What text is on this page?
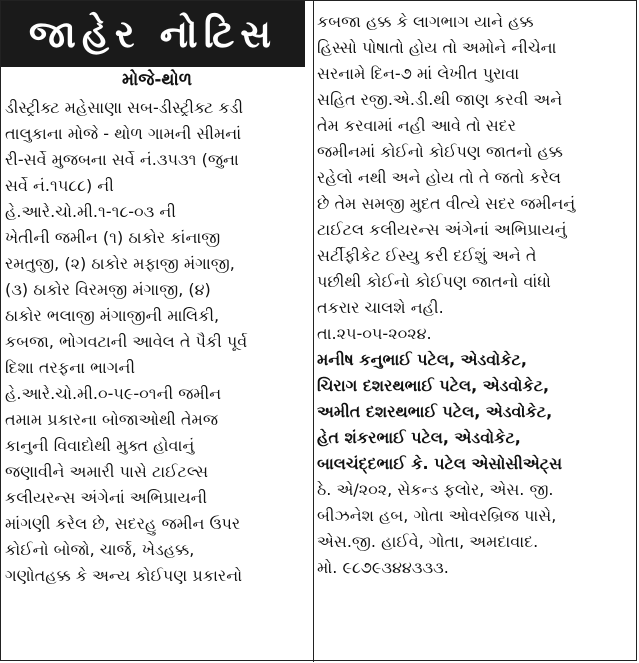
જાહેર નોટિસ
મોજે-થોળ
ડીસ્ટ્રીક્ટ મહેસાણા સબ-ડીસ્ટ્રીક્ટ કડી
તાલુકાના મોજે - થોળ ગામની સીમનાં
રી-સર્વે મુજબના સર્વે નં.૩૫૩૧ (જુના
સર્વે નં.૧૫૮૮) ની
હે.આરે.ચો.મી.૧-૧૮-૦૩ ની
ખેતીની જમીન (૧) ઠાકોર કાંનાજી
રમતુજી, (૨) ઠાકોર મફાજી મંગાજી,
(૩) ઠાકોર વિરમજી મંગાજી, (૪)
ઠાકોર ભલાજી મંગાજીની માલિકી,
કબજા, ભોગવટાની આવેલ તે પૈકી પૂર્વ
દિશા તરફના ભાગની
હે.આરે.ચો.મી.૦-૫૯-૦૧ની જમીન
તમામ પ્રકારના બોજાઓથી તેમજ
કાનુની વિવાદોથી મુક્ત હોવાનું
જણાવીને અમારી પાસે ટાઈટલ્સ
કલીયરન્સ અંગેનાં અભિપ્રાયની
માંગણી કરેલ છે, સદરહુ જમીન ઉપર
કોઈનો બોજો, ચાર્જ, ખેડહક્ક,
ગણોતહક્ક કે અન્ય કોઈપણ પ્રકારનો
કબજા હક્ક કે લાગભાગ યાને હક્ક
હિસ્સો પોષાતો હોય તો અમોને નીચેના
સરનામે દિન-૭ માં લેખીત પુરાવા
સહિત રજી.એ.ડી.થી જાણ કરવી અને
તેમ કરવામાં નહી આવે તો સદર
જમીનમાં કોઈનો કોઈપણ જાતનો હક્ક
રહેલો નથી અને હોય તો તે જતો કરેલ
છે તેમ સમજી મુદત વીત્યે સદર જમીનનું
ટાઈટલ કલીયરન્સ અંગેનાં અભિપ્રાયનું
સર્ટીફીકેટ ઈસ્યુ કરી દઈશું અને તે
પછીથી કોઈનો કોઈપણ જાતનો વાંધો
તકરાર ચાલશે નહી.
તા.૨૫-૦૫-૨૦૨૪.
મનીષ કનુભાઈ પટેલ, એડવોકેટ,
ચિરાગ દશરથભાઈ પટેલ, એડવોકેટ,
અમીત દશરથભાઈ પટેલ, એડવોકેટ,
હેત શંકરભાઈ પટેલ, એડવોકેટ,
બાલચંદ્દભાઈ કે. પટેલ એસોસીએટ્સ
ઠે. એ/૨૦૨, સેકન્ડ ફલોર, એસ. જી.
બીઝનેશ હબ, ગોતા ઓવરબ્રિજ પાસે,
એસ.જી. હાઈવે, ગોતા, અમદાવાદ.
મો. ૯૮૭૯૩૪૪૩૩૩.
